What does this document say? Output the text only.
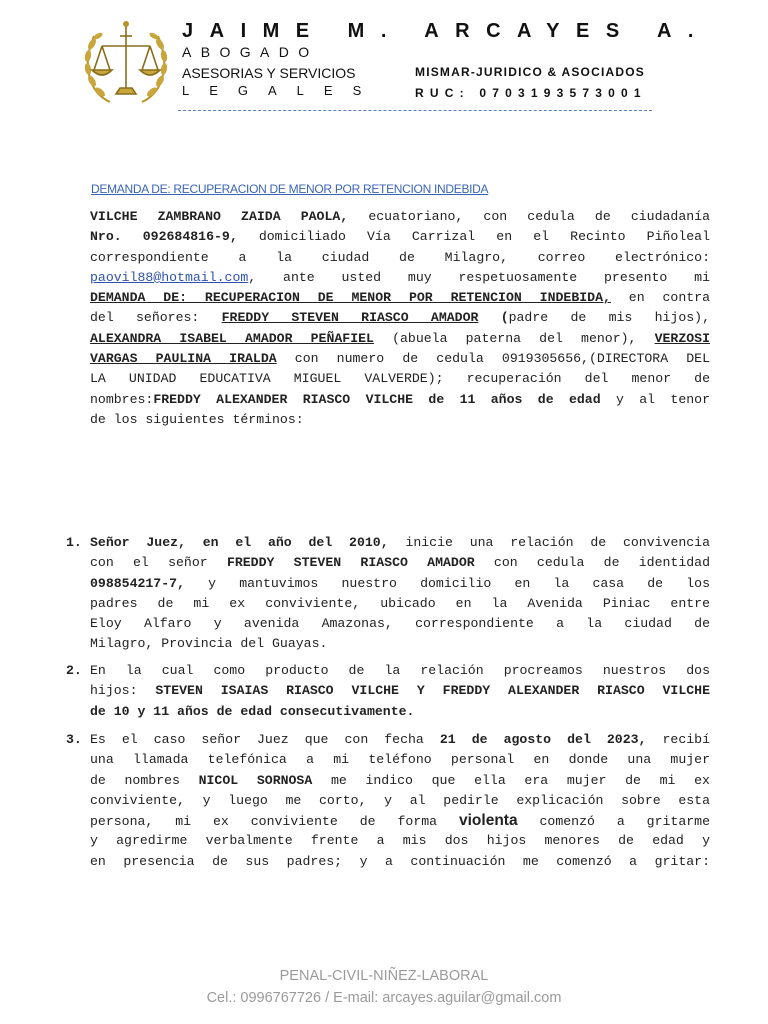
JAIME M. ARCAYES A.
ABOGADO
ASESORIAS Y SERVICIOS
LEGALES
MISMAR-JURIDICO & ASOCIADOS
RUC: 0703193573001
DEMANDA DE: RECUPERACION DE MENOR POR RETENCION INDEBIDA
VILCHE ZAMBRANO ZAIDA PAOLA, ecuatoriano, con cedula de ciudadanía
Nro. 092684816-9, domiciliado Vía Carrizal en el Recinto Piñoleal
correspondiente a la ciudad de Milagro, correo electrónico:
paovil88@hotmail.com, ante usted muy respetuosamente presento mi
DEMANDA DE: RECUPERACION DE MENOR POR RETENCION INDEBIDA, en contra
del señores: FREDDY STEVEN RIASCO AMADOR (padre de mis hijos),
ALEXANDRA ISABEL AMADOR PEÑAFIEL (abuela paterna del menor), VERZOSI
VARGAS PAULINA IRALDA con numero de cedula 0919305656,(DIRECTORA DEL
LA UNIDAD EDUCATIVA MIGUEL VALVERDE); recuperación del menor de
nombres:FREDDY ALEXANDER RIASCO VILCHE de 11 años de edad y al tenor
de los siguientes términos:
1. Señor Juez, en el año del 2010, inicie una relación de convivencia
con el señor FREDDY STEVEN RIASCO AMADOR con cedula de identidad
098854217-7, y mantuvimos nuestro domicilio en la casa de los
padres de mi ex conviviente, ubicado en la Avenida Piniac entre
Eloy Alfaro y avenida Amazonas, correspondiente a la ciudad de
Milagro, Provincia del Guayas.
2. En la cual como producto de la relación procreamos nuestros dos
hijos: STEVEN ISAIAS RIASCO VILCHE Y FREDDY ALEXANDER RIASCO VILCHE
de 10 y 11 años de edad consecutivamente.
3. Es el caso señor Juez que con fecha 21 de agosto del 2023, recibí
una llamada telefónica a mi teléfono personal en donde una mujer
de nombres NICOL SORNOSA me indico que ella era mujer de mi ex
conviviente, y luego me corto, y al pedirle explicación sobre esta
persona, mi ex conviviente de forma violenta comenzó a gritarme
y agredirme verbalmente frente a mis dos hijos menores de edad y
en presencia de sus padres; y a continuación me comenzó a gritar:
PENAL-CIVIL-NIÑEZ-LABORAL
Cel.: 0996767726 / E-mail: arcayes.aguilar@gmail.com
